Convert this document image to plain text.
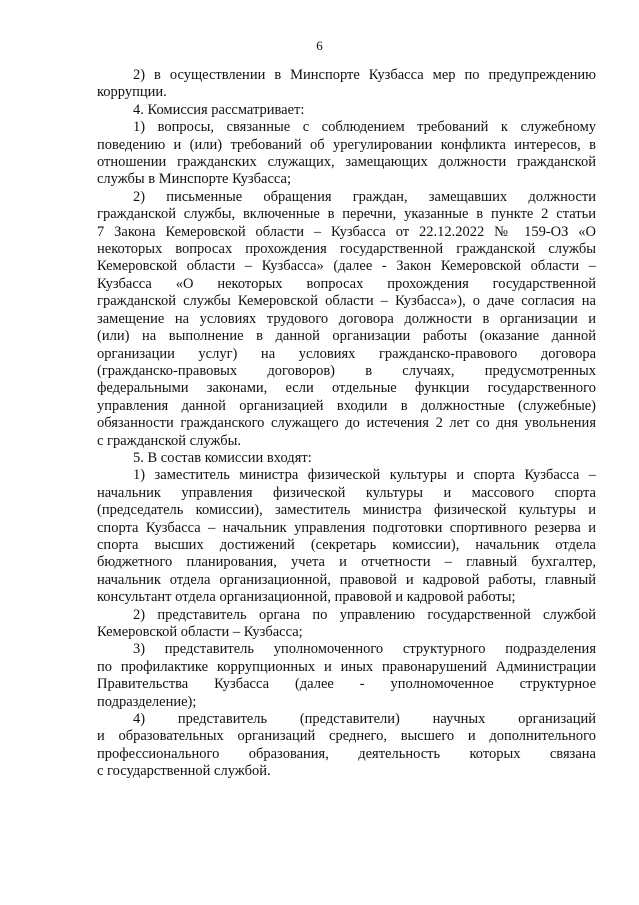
6

2) в осуществлении в Минспорте Кузбасса мер по предупреждению

коррупции.

4. Комиссия рассматривает:

1) вопросы, связанные с соблюдением требований к служебному

поведению и (или) требований об урегулировании конфликта интересов, в

отношении гражданских служащих, замещающих должности гражданской

службы в Минспорте Кузбасса;

2) письменные обращения граждан, замещавших должности

гражданской службы, включенные в перечни, указанные в пункте 2 статьи

7 Закона Кемеровской области – Кузбасса от 22.12.2022 № 159-ОЗ «О

некоторых вопросах прохождения государственной гражданской службы

Кемеровской области – Кузбасса» (далее - Закон Кемеровской области –

Кузбасса «О некоторых вопросах прохождения государственной

гражданской службы Кемеровской области – Кузбасса»), о даче согласия на

замещение на условиях трудового договора должности в организации и

(или) на выполнение в данной организации работы (оказание данной

организации услуг) на условиях гражданско-правового договора

(гражданско-правовых договоров) в случаях, предусмотренных

федеральными законами, если отдельные функции государственного

управления данной организацией входили в должностные (служебные)

обязанности гражданского служащего до истечения 2 лет со дня увольнения

с гражданской службы.

5. В состав комиссии входят:

1) заместитель министра физической культуры и спорта Кузбасса –

начальник управления физической культуры и массового спорта

(председатель комиссии), заместитель министра физической культуры и

спорта Кузбасса – начальник управления подготовки спортивного резерва и

спорта высших достижений (секретарь комиссии), начальник отдела

бюджетного планирования, учета и отчетности – главный бухгалтер,

начальник отдела организационной, правовой и кадровой работы, главный

консультант отдела организационной, правовой и кадровой работы;

2) представитель органа по управлению государственной службой

Кемеровской области – Кузбасса;

3) представитель уполномоченного структурного подразделения

по профилактике коррупционных и иных правонарушений Администрации

Правительства Кузбасса (далее - уполномоченное структурное

подразделение);

4) представитель (представители) научных организаций

и образовательных организаций среднего, высшего и дополнительного

профессионального образования, деятельность которых связана

с государственной службой.
